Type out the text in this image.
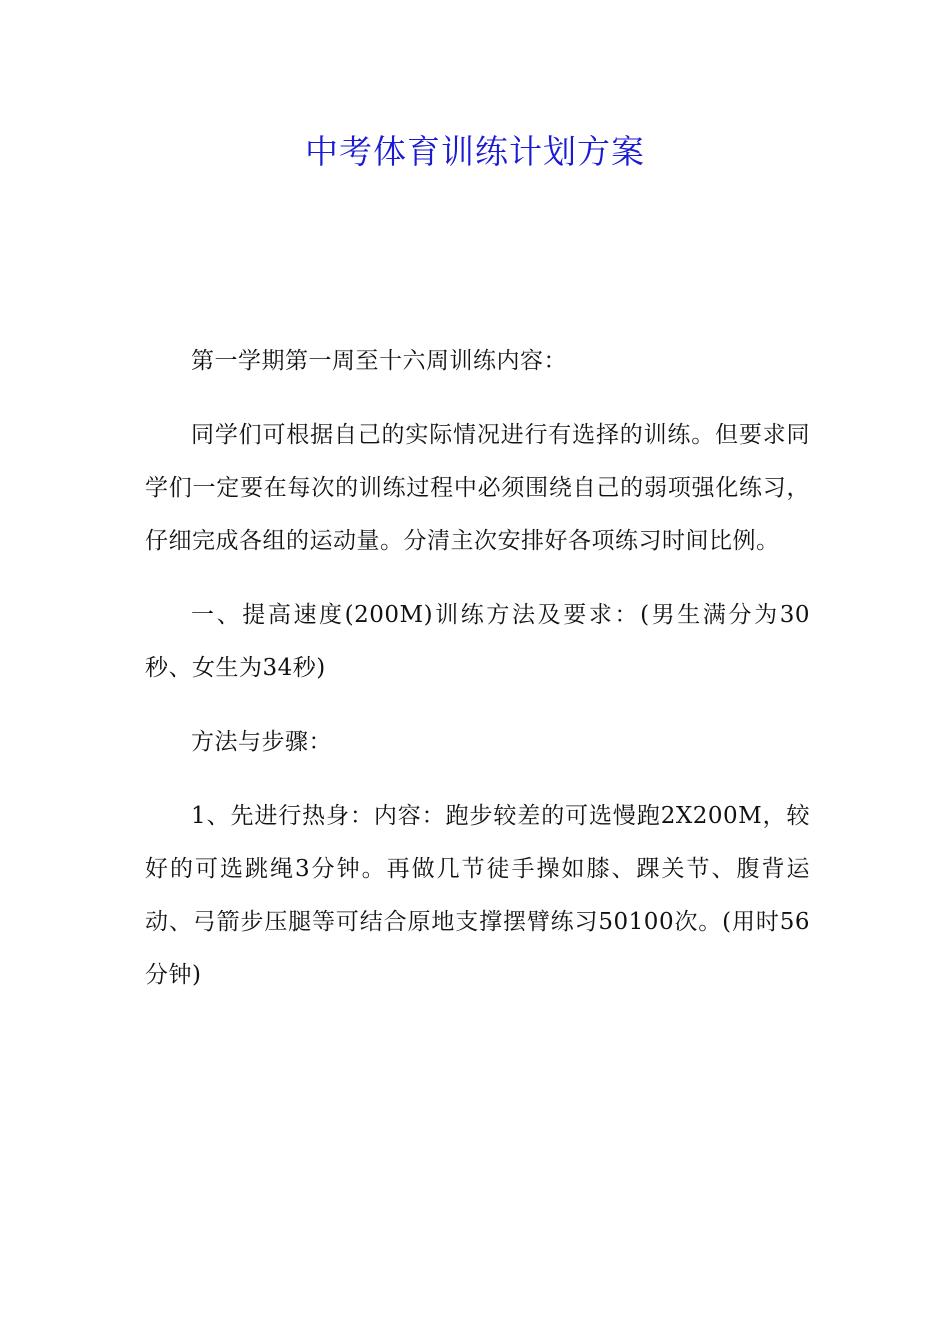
中考体育训练计划方案

第一学期第一周至十六周训练内容：

同学们可根据自己的实际情况进行有选择的训练。但要求同学们一定要在每次的训练过程中必须围绕自己的弱项强化练习，仔细完成各组的运动量。分清主次安排好各项练习时间比例。

一、提高速度(200M)训练方法及要求：(男生满分为30秒、女生为34秒)

方法与步骤：

1、先进行热身：内容：跑步较差的可选慢跑2X200M，较好的可选跳绳3分钟。再做几节徒手操如膝、踝关节、腹背运动、弓箭步压腿等可结合原地支撑摆臂练习50100次。(用时56分钟)
